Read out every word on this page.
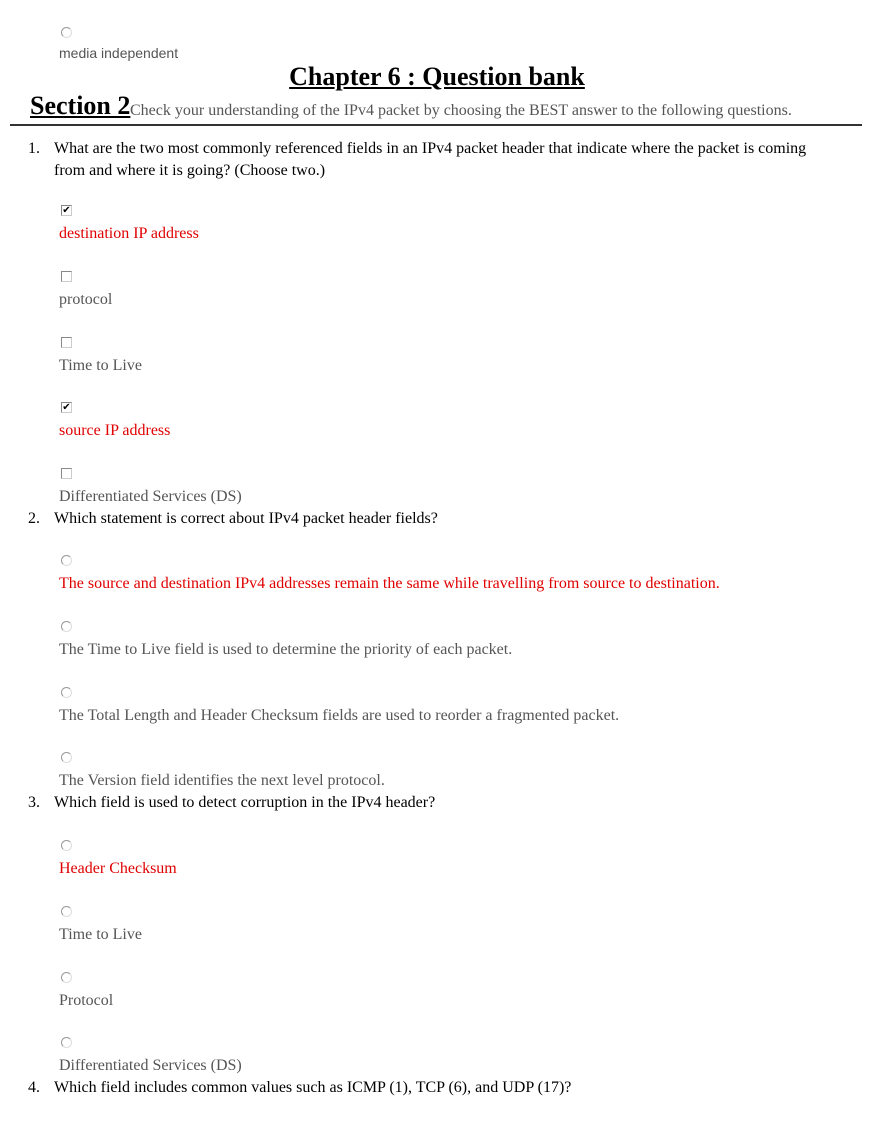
media independent
Chapter 6 : Question bank
Section 2 Check your understanding of the IPv4 packet by choosing the BEST answer to the following questions.
1. What are the two most commonly referenced fields in an IPv4 packet header that indicate where the packet is coming from and where it is going? (Choose two.)
✔
destination IP address
protocol
Time to Live
✔
source IP address
Differentiated Services (DS)
2. Which statement is correct about IPv4 packet header fields?
The source and destination IPv4 addresses remain the same while travelling from source to destination.
The Time to Live field is used to determine the priority of each packet.
The Total Length and Header Checksum fields are used to reorder a fragmented packet.
The Version field identifies the next level protocol.
3. Which field is used to detect corruption in the IPv4 header?
Header Checksum
Time to Live
Protocol
Differentiated Services (DS)
4. Which field includes common values such as ICMP (1), TCP (6), and UDP (17)?
